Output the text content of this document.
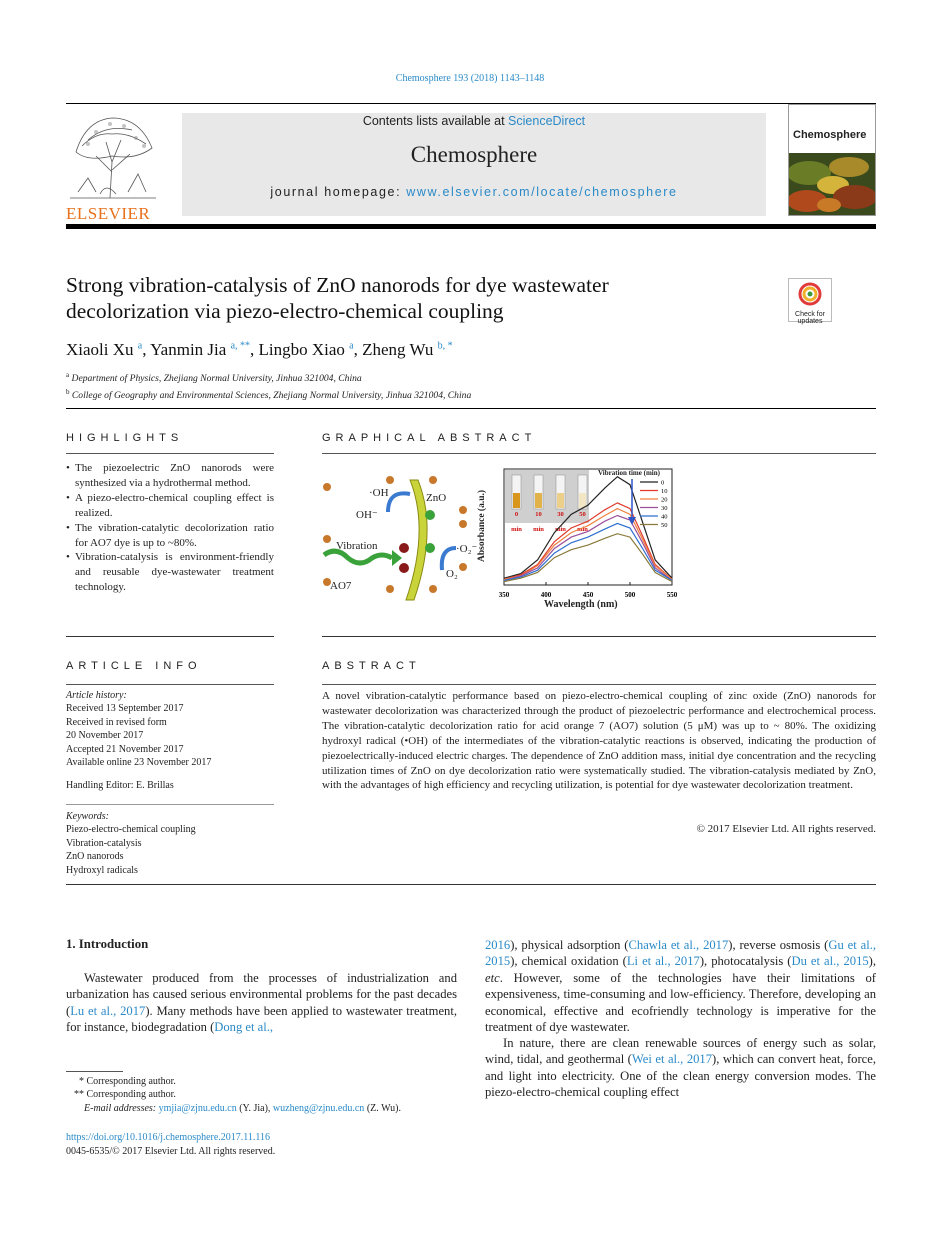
Chemosphere 193 (2018) 1143–1148
ELSEVIER
Contents lists available at ScienceDirect
Chemosphere
journal homepage: www.elsevier.com/locate/chemosphere
Chemosphere
Strong vibration-catalysis of ZnO nanorods for dye wastewater
decolorization via piezo-electro-chemical coupling	Check for updates
Xiaoli Xu $^a$, Yanmin Jia $^{a, **}$, Lingbo Xiao $^a$, Zheng Wu $^{b, *}$
$^a$ Department of Physics, Zhejiang Normal University, Jinhua 321004, China
$^b$ College of Geography and Environmental Sciences, Zhejiang Normal University, Jinhua 321004, China
HIGHLIGHTS
• The piezoelectric ZnO nanorods were synthesized via a hydrothermal method.
• A piezo-electro-chemical coupling effect is realized.
• The vibration-catalytic decolorization ratio for AO7 dye is up to ~80%.
• Vibration-catalysis is environment-friendly and reusable dye-wastewater treatment technology.
GRAPHICAL ABSTRACT
·OH
OH⁻
ZnO
Vibration	·O₂⁻
O₂
AO7
0
min
10
min
30
min
50
min
0
10
20
30
40
50
350	400	450	500	550
Vibration time (min)
Absorbance (a.u.)
Wavelength (nm)
ARTICLE INFO
Article history:
Received 13 September 2017
Received in revised form
20 November 2017
Accepted 21 November 2017
Available online 23 November 2017
Handling Editor: E. Brillas
Keywords:
Piezo-electro-chemical coupling
Vibration-catalysis
ZnO nanorods
Hydroxyl radicals
ABSTRACT
A novel vibration-catalytic performance based on piezo-electro-chemical coupling of zinc oxide (ZnO) nanorods for wastewater decolorization was characterized through the product of piezoelectric performance and electrochemical process. The vibration-catalytic decolorization ratio for acid orange 7 (AO7) solution (5 μM) was up to ~ 80%. The oxidizing hydroxyl radical (•OH) of the intermediates of the vibration-catalytic reactions is observed, indicating the production of piezoelectrically-induced electric charges. The dependence of ZnO addition mass, initial dye concentration and the recycling utilization times of ZnO on dye decolorization ratio were systematically studied. The vibration-catalysis mediated by ZnO, with the advantages of high efficiency and recycling utilization, is potential for dye wastewater decolorization treatment.
© 2017 Elsevier Ltd. All rights reserved.
1. Introduction
Wastewater produced from the processes of industrialization and urbanization has caused serious environmental problems for the past decades (Lu et al., 2017). Many methods have been applied to wastewater treatment, for instance, biodegradation (Dong et al.,
2016), physical adsorption (Chawla et al., 2017), reverse osmosis (Gu et al., 2015), chemical oxidation (Li et al., 2017), photocatalysis (Du et al., 2015), etc. However, some of the technologies have their limitations of expensiveness, time-consuming and low-efficiency. Therefore, developing an economical, effective and ecofriendly technology is imperative for the treatment of dye wastewater.
In nature, there are clean renewable sources of energy such as solar, wind, tidal, and geothermal (Wei et al., 2017), which can convert heat, force, and light into electricity. One of the clean energy conversion modes. The piezo-electro-chemical coupling effect
* Corresponding author.
** Corresponding author.
E-mail addresses: ymjia@zjnu.edu.cn (Y. Jia), wuzheng@zjnu.edu.cn (Z. Wu).
https://doi.org/10.1016/j.chemosphere.2017.11.116
0045-6535/© 2017 Elsevier Ltd. All rights reserved.
